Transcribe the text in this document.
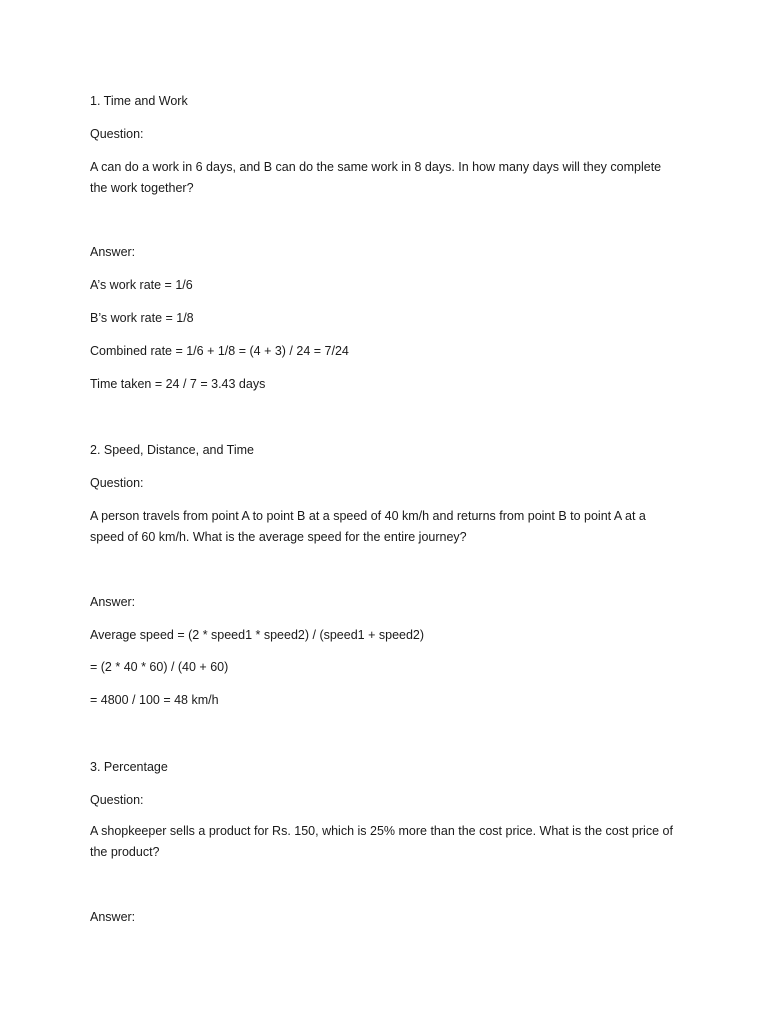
1. Time and Work

Question:

A can do a work in 6 days, and B can do the same work in 8 days. In how many days will they complete

the work together?

Answer:

A’s work rate = 1/6

B’s work rate = 1/8

Combined rate = 1/6 + 1/8 = (4 + 3) / 24 = 7/24

Time taken = 24 / 7 = 3.43 days

2. Speed, Distance, and Time

Question:

A person travels from point A to point B at a speed of 40 km/h and returns from point B to point A at a

speed of 60 km/h. What is the average speed for the entire journey?

Answer:

Average speed = (2 * speed1 * speed2) / (speed1 + speed2)

= (2 * 40 * 60) / (40 + 60)

= 4800 / 100 = 48 km/h

3. Percentage

Question:

A shopkeeper sells a product for Rs. 150, which is 25% more than the cost price. What is the cost price of

the product?

Answer:
